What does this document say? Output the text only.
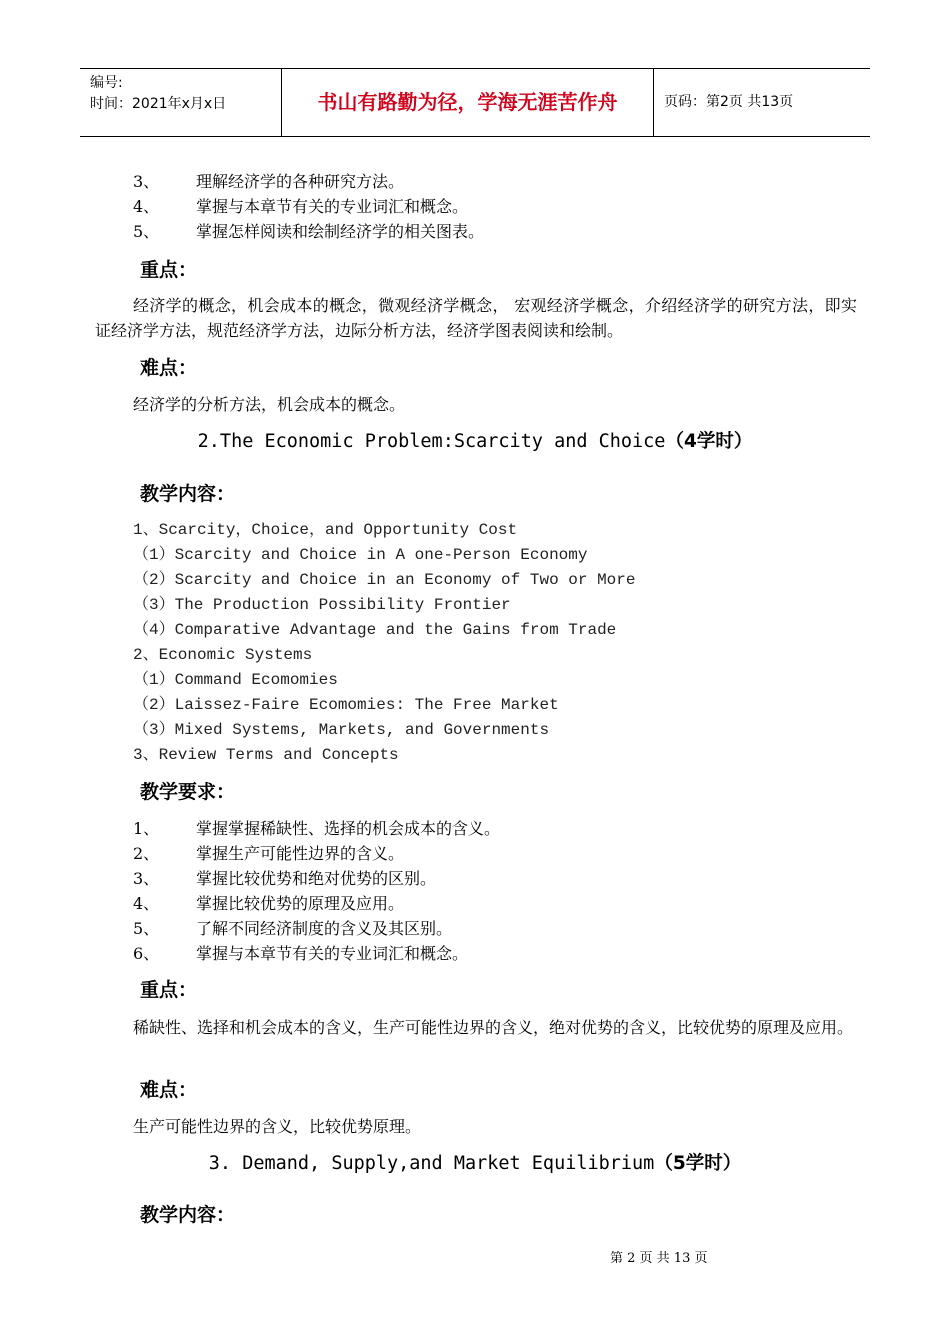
编号:
时间：2021年x月x日	书山有路勤为径，学海无涯苦作舟	页码：第2页 共13页
3、 理解经济学的各种研究方法。
4、 掌握与本章节有关的专业词汇和概念。
5、 掌握怎样阅读和绘制经济学的相关图表。
重点：
经济学的概念，机会成本的概念，微观经济学概念， 宏观经济学概念，介绍经济学的研究方法，即实证经济学方法，规范经济学方法，边际分析方法，经济学图表阅读和绘制。
难点：
经济学的分析方法，机会成本的概念。
2.The Economic Problem:Scarcity and Choice（4学时）
教学内容：
1、Scarcity，Choice，and Opportunity Cost
（1）Scarcity and Choice in A one-Person Economy
（2）Scarcity and Choice in an Economy of Two or More
（3）The Production Possibility Frontier
（4）Comparative Advantage and the Gains from Trade
2、Economic Systems
（1）Command Ecomomies
（2）Laissez-Faire Ecomomies: The Free Market
（3）Mixed Systems, Markets, and Governments
3、Review Terms and Concepts
教学要求：
1、 掌握掌握稀缺性、选择的机会成本的含义。
2、 掌握生产可能性边界的含义。
3、 掌握比较优势和绝对优势的区别。
4、 掌握比较优势的原理及应用。
5、 了解不同经济制度的含义及其区别。
6、 掌握与本章节有关的专业词汇和概念。
重点：
稀缺性、选择和机会成本的含义，生产可能性边界的含义，绝对优势的含义，比较优势的原理及应用。
难点：
生产可能性边界的含义，比较优势原理。
3. Demand, Supply,and Market Equilibrium（5学时）
教学内容：
第 2 页 共 13 页
